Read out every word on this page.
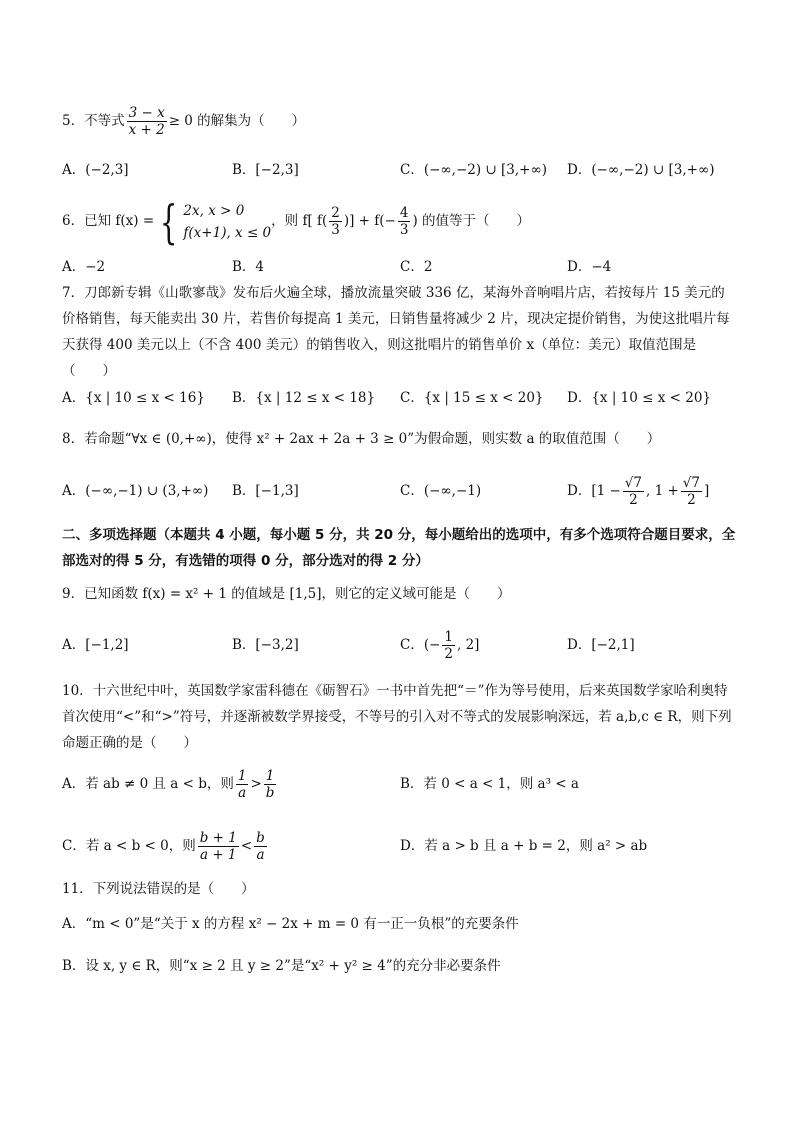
5．不等式 $\frac{3 - x}{x + 2} \ge 0$ 的解集为（　　）
A．(−2,3]	B．[−2,3]	C．(−∞,−2) ∪ [3,+∞) D．(−∞,−2) ∪ [3,+∞)
6．已知 f(x) = { 2x, x > 0
f(x+1), x ≤ 0
，则 f[ $f( \frac{2}{3}$ )] + $f(- \frac{4}{3}$ ) 的值等于（　　）
A．−2	B．4	C．2	D．−4
7．刀郎新专辑《山歌寥哉》发布后火遍全球，播放流量突破 336 亿，某海外音响唱片店，若按每片 15 美元的价格销售，每天能卖出 30 片，若售价每提高 1 美元，日销售量将减少 2 片，现决定提价销售，为使这批唱片每天获得 400 美元以上（不含 400 美元）的销售收入，则这批唱片的销售单价 x（单位：美元）取值范围是（　　）
A．{x | 10 ≤ x < 16} B．{x | 12 ≤ x < 18} C．{x | 15 ≤ x < 20} D．{x | 10 ≤ x < 20}
8．若命题“∀x ∈ (0,+∞)，使得 x² + 2ax + 2a + 3 ≥ 0”为假命题，则实数 a 的取值范围（　　）
A．(−∞,−1) ∪ (3,+∞) B．[−1,3]	C．(−∞,−1)	D．[$1 - \frac{√7}{2}$ , $1 + \frac{√7}{2}$ ]
二、多项选择题（本题共 4 小题，每小题 5 分，共 20 分，每小题给出的选项中，有多个选项符合题目要求，全部选对的得 5 分，有选错的项得 0 分，部分选对的得 2 分）
9．已知函数 f(x) = x² + 1 的值域是 [1,5]，则它的定义域可能是（　　）
A．[−1,2]	B．[−3,2]	C．(− $\frac{1}{2}$ , 2]	D．[−2,1]
10．十六世纪中叶，英国数学家雷科德在《砺智石》一书中首先把“＝”作为等号使用，后来英国数学家哈利奥特首次使用“<”和“>”符号，并逐渐被数学界接受，不等号的引入对不等式的发展影响深远，若 a,b,c ∈ R，则下列命题正确的是（　　）
A．若 ab ≠ 0 且 a < b，则 $\frac{1}{a} > \frac{1}{b}$	B．若 0 < a < 1，则 a³ < a
C．若 a < b < 0，则 $\frac{b + 1}{a + 1} < \frac{b}{a}$	D．若 a > b 且 a + b = 2，则 a² > ab
11．下列说法错误的是（　　）
A．“m < 0”是“关于 x 的方程 x² − 2x + m = 0 有一正一负根”的充要条件
B．设 x, y ∈ R，则“x ≥ 2 且 y ≥ 2”是“x² + y² ≥ 4”的充分非必要条件
